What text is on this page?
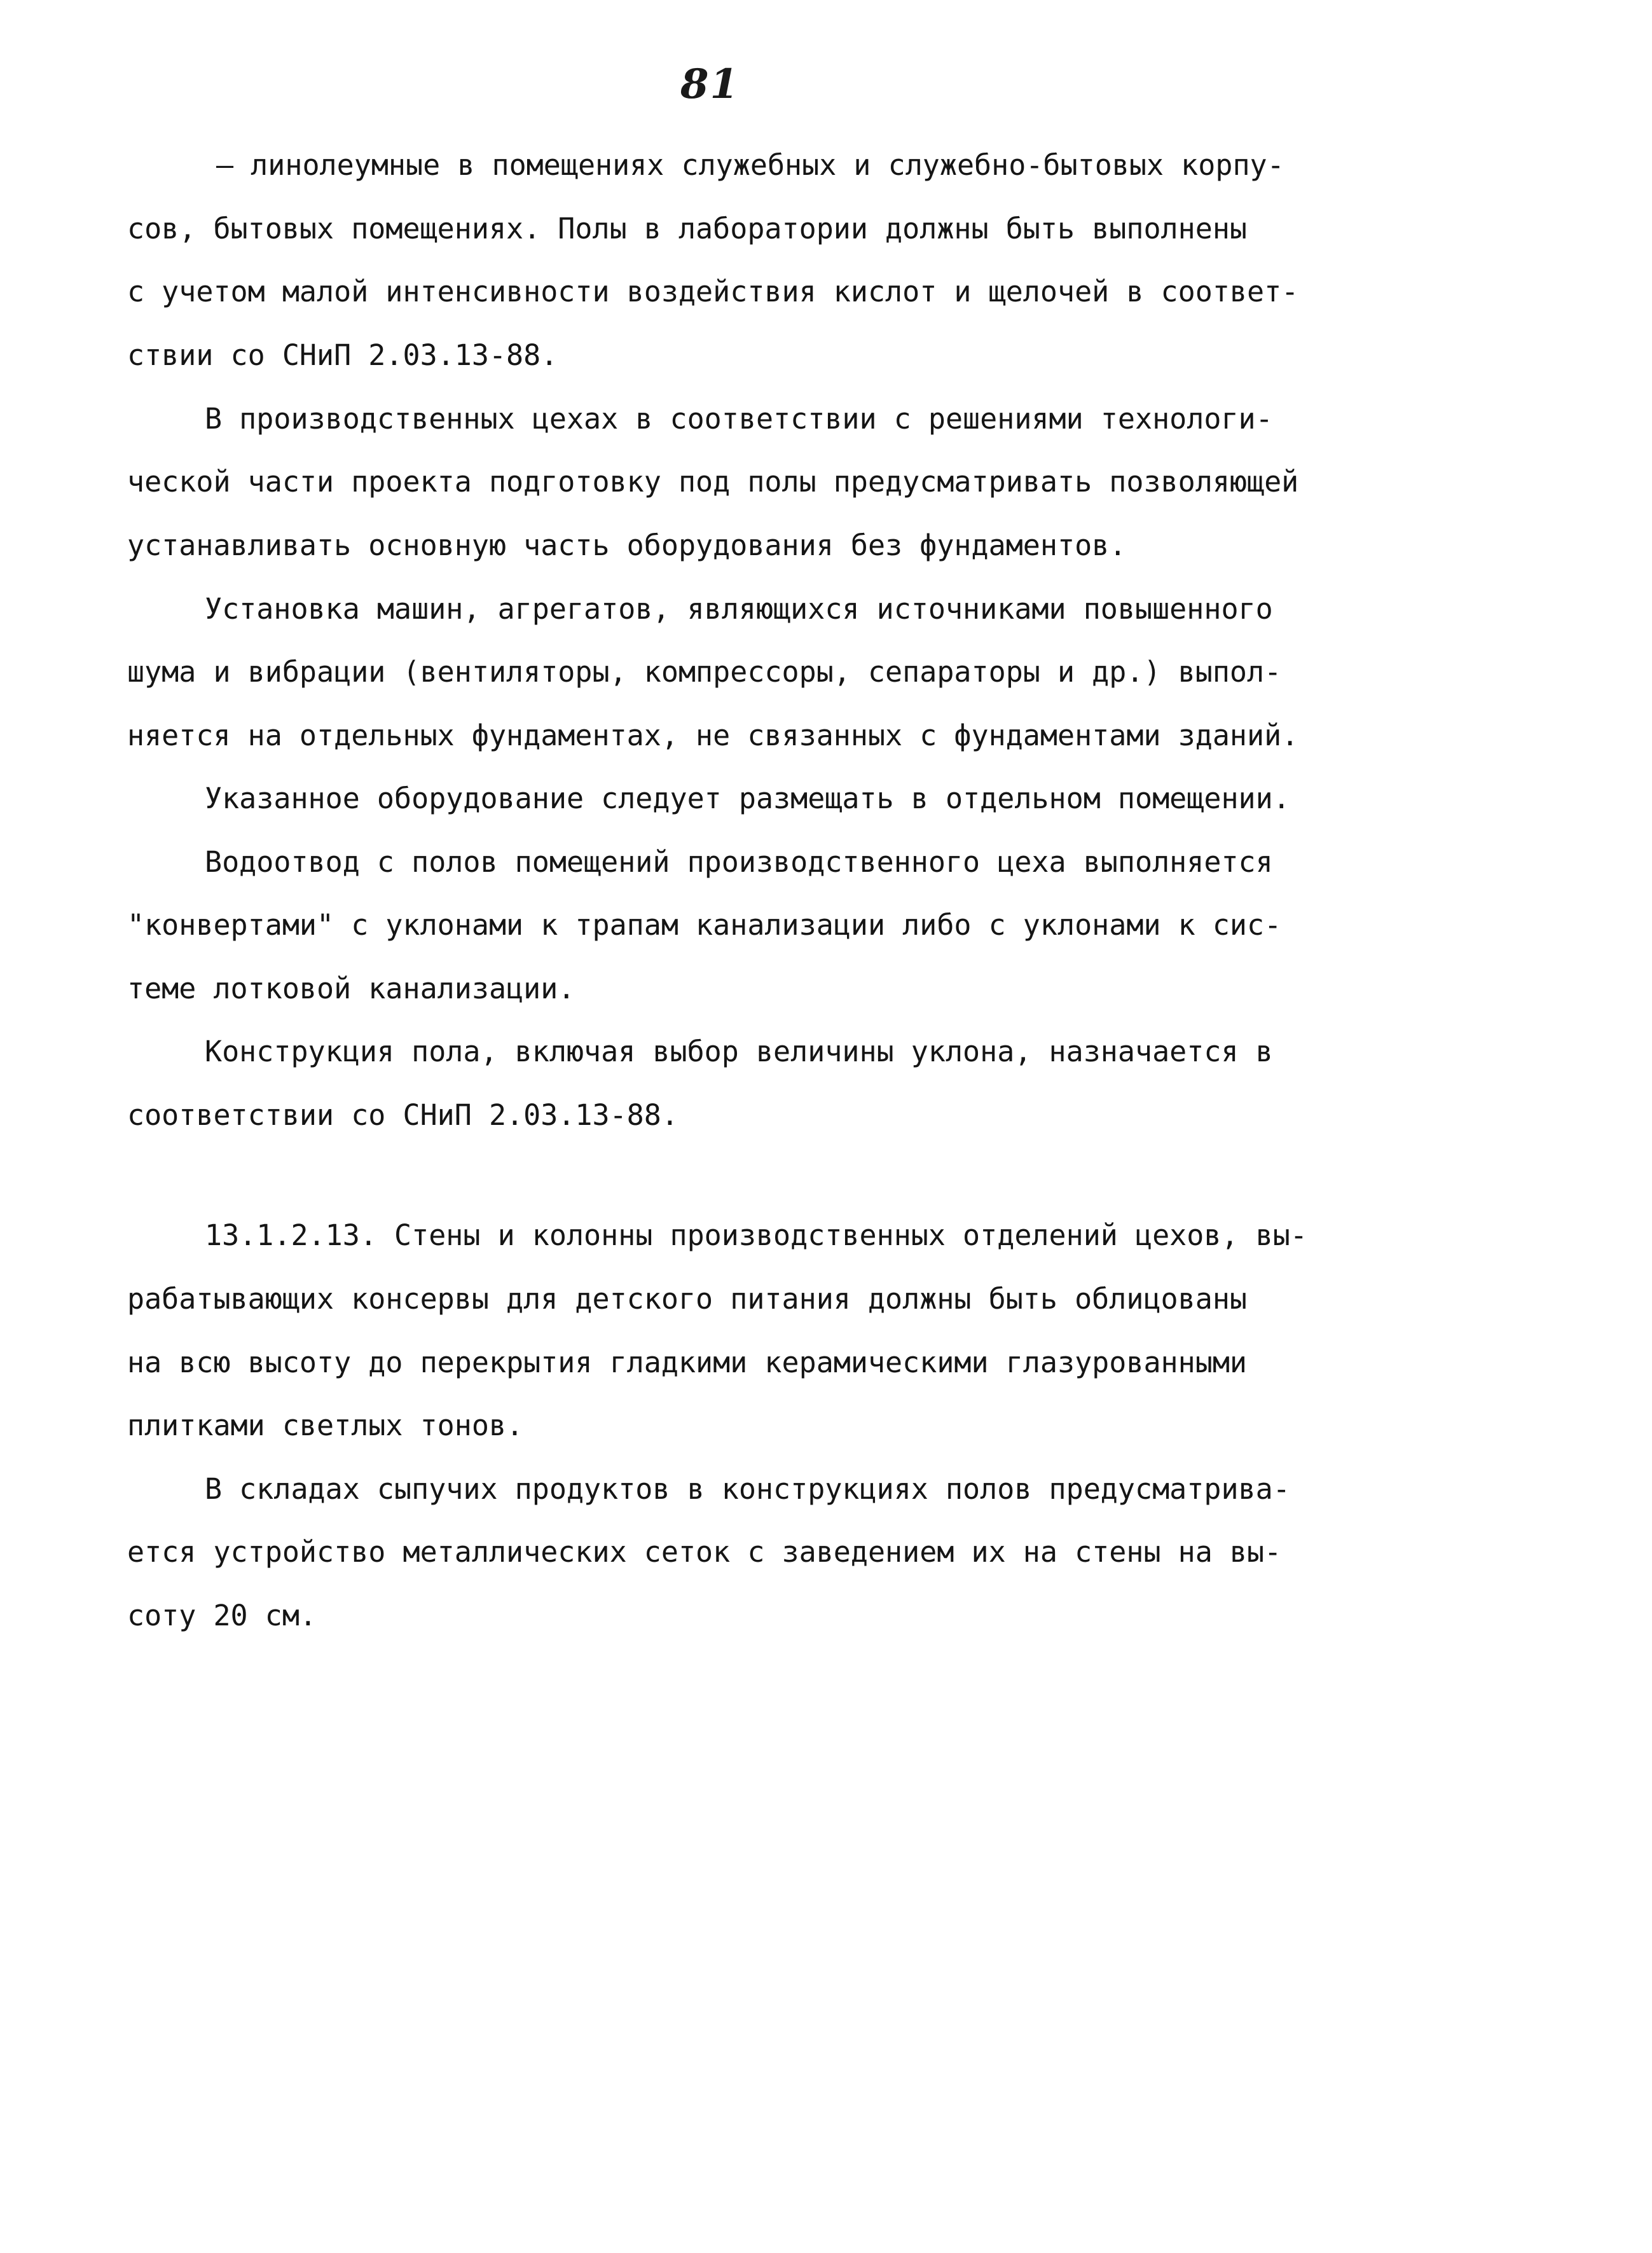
81
– линолеумные в помещениях служебных и служебно-бытовых корпу-
сов, бытовых помещениях. Полы в лаборатории должны быть выполнены
с учетом малой интенсивности воздействия кислот и щелочей в соответ-
ствии со СНиП 2.03.13-88.
В производственных цехах в соответствии с решениями технологи-
ческой части проекта подготовку под полы предусматривать позволяющей
устанавливать основную часть оборудования без фундаментов.
Установка машин, агрегатов, являющихся источниками повышенного
шума и вибрации (вентиляторы, компрессоры, сепараторы и др.) выпол-
няется на отдельных фундаментах, не связанных с фундаментами зданий.
Указанное оборудование следует размещать в отдельном помещении.
Водоотвод с полов помещений производственного цеха выполняется
"конвертами" с уклонами к трапам канализации либо с уклонами к сис-
теме лотковой канализации.
Конструкция пола, включая выбор величины уклона, назначается в
соответствии со СНиП 2.03.13-88.
13.1.2.13. Стены и колонны производственных отделений цехов, вы-
рабатывающих консервы для детского питания должны быть облицованы
на всю высоту до перекрытия гладкими керамическими глазурованными
плитками светлых тонов.
В складах сыпучих продуктов в конструкциях полов предусматрива-
ется устройство металлических сеток с заведением их на стены на вы-
соту 20 см.
